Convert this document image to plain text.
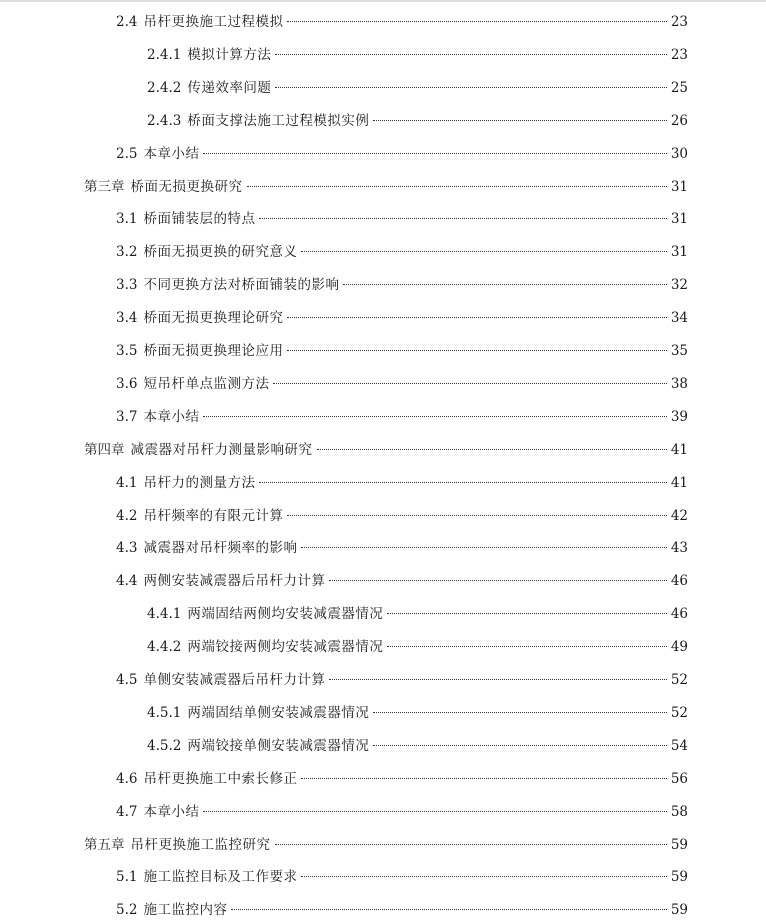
2.4 吊杆更换施工过程模拟	23
2.4.1 模拟计算方法	23
2.4.2 传递效率问题	25
2.4.3 桥面支撑法施工过程模拟实例	26
2.5 本章小结	30
第三章 桥面无损更换研究	31
3.1 桥面铺装层的特点	31
3.2 桥面无损更换的研究意义	31
3.3 不同更换方法对桥面铺装的影响	32
3.4 桥面无损更换理论研究	34
3.5 桥面无损更换理论应用	35
3.6 短吊杆单点监测方法	38
3.7 本章小结	39
第四章 减震器对吊杆力测量影响研究	41
4.1 吊杆力的测量方法	41
4.2 吊杆频率的有限元计算	42
4.3 减震器对吊杆频率的影响	43
4.4 两侧安装减震器后吊杆力计算	46
4.4.1 两端固结两侧均安装减震器情况	46
4.4.2 两端铰接两侧均安装减震器情况	49
4.5 单侧安装减震器后吊杆力计算	52
4.5.1 两端固结单侧安装减震器情况	52
4.5.2 两端铰接单侧安装减震器情况	54
4.6 吊杆更换施工中索长修正	56
4.7 本章小结	58
第五章 吊杆更换施工监控研究	59
5.1 施工监控目标及工作要求	59
5.2 施工监控内容	59
